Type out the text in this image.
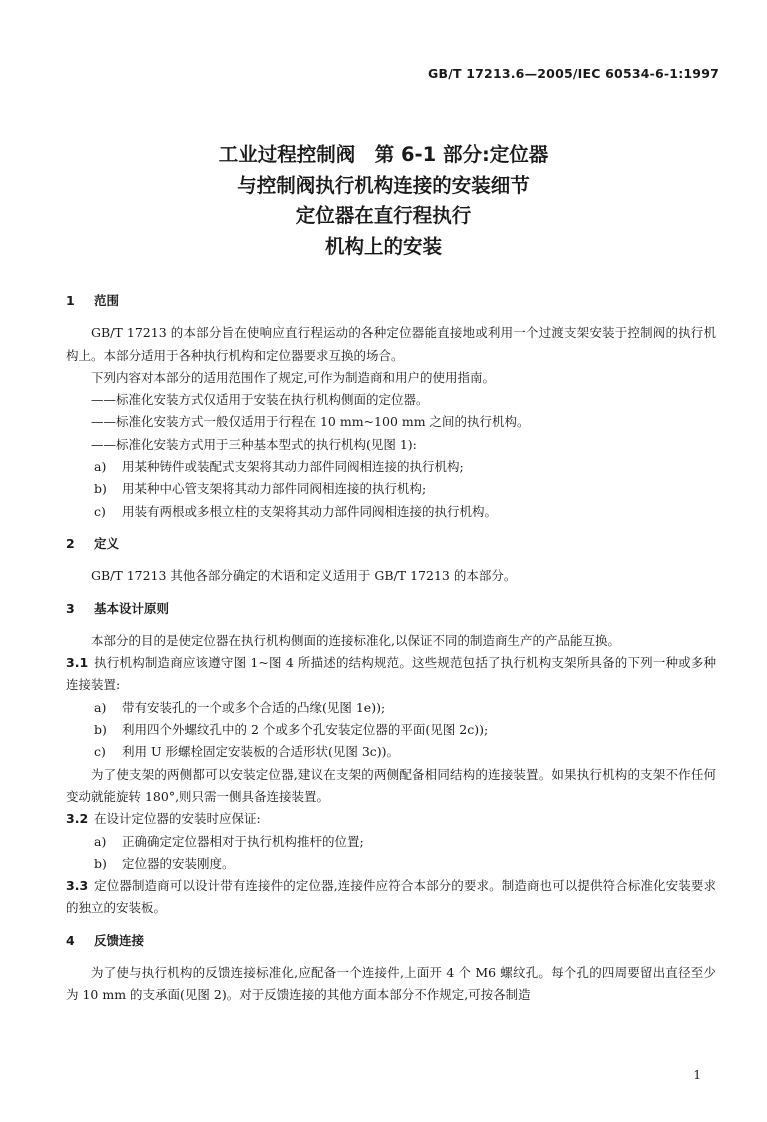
GB/T 17213.6—2005/IEC 60534-6-1:1997
工业过程控制阀　第 6-1 部分:定位器
与控制阀执行机构连接的安装细节
定位器在直行程执行
机构上的安装
1 范围
GB/T 17213 的本部分旨在使响应直行程运动的各种定位器能直接地或利用一个过渡支架安装于控制阀的执行机构上。本部分适用于各种执行机构和定位器要求互换的场合。
下列内容对本部分的适用范围作了规定,可作为制造商和用户的使用指南。
——标准化安装方式仅适用于安装在执行机构侧面的定位器。
——标准化安装方式一般仅适用于行程在 10 mm~100 mm 之间的执行机构。
——标准化安装方式用于三种基本型式的执行机构(见图 1):
a) 用某种铸件或装配式支架将其动力部件同阀相连接的执行机构;
b) 用某种中心管支架将其动力部件同阀相连接的执行机构;
c) 用装有两根或多根立柱的支架将其动力部件同阀相连接的执行机构。
2 定义
GB/T 17213 其他各部分确定的术语和定义适用于 GB/T 17213 的本部分。
3 基本设计原则
本部分的目的是使定位器在执行机构侧面的连接标准化,以保证不同的制造商生产的产品能互换。
3.1 执行机构制造商应该遵守图 1~图 4 所描述的结构规范。这些规范包括了执行机构支架所具备的下列一种或多种连接装置:
a) 带有安装孔的一个或多个合适的凸缘(见图 1e));
b) 利用四个外螺纹孔中的 2 个或多个孔安装定位器的平面(见图 2c));
c) 利用 U 形螺栓固定安装板的合适形状(见图 3c))。
为了使支架的两侧都可以安装定位器,建议在支架的两侧配备相同结构的连接装置。如果执行机构的支架不作任何变动就能旋转 180°,则只需一侧具备连接装置。
3.2 在设计定位器的安装时应保证:
a) 正确确定定位器相对于执行机构推杆的位置;
b) 定位器的安装刚度。
3.3 定位器制造商可以设计带有连接件的定位器,连接件应符合本部分的要求。制造商也可以提供符合标准化安装要求的独立的安装板。
4 反馈连接
为了使与执行机构的反馈连接标准化,应配备一个连接件,上面开 4 个 M6 螺纹孔。每个孔的四周要留出直径至少为 10 mm 的支承面(见图 2)。对于反馈连接的其他方面本部分不作规定,可按各制造
1
